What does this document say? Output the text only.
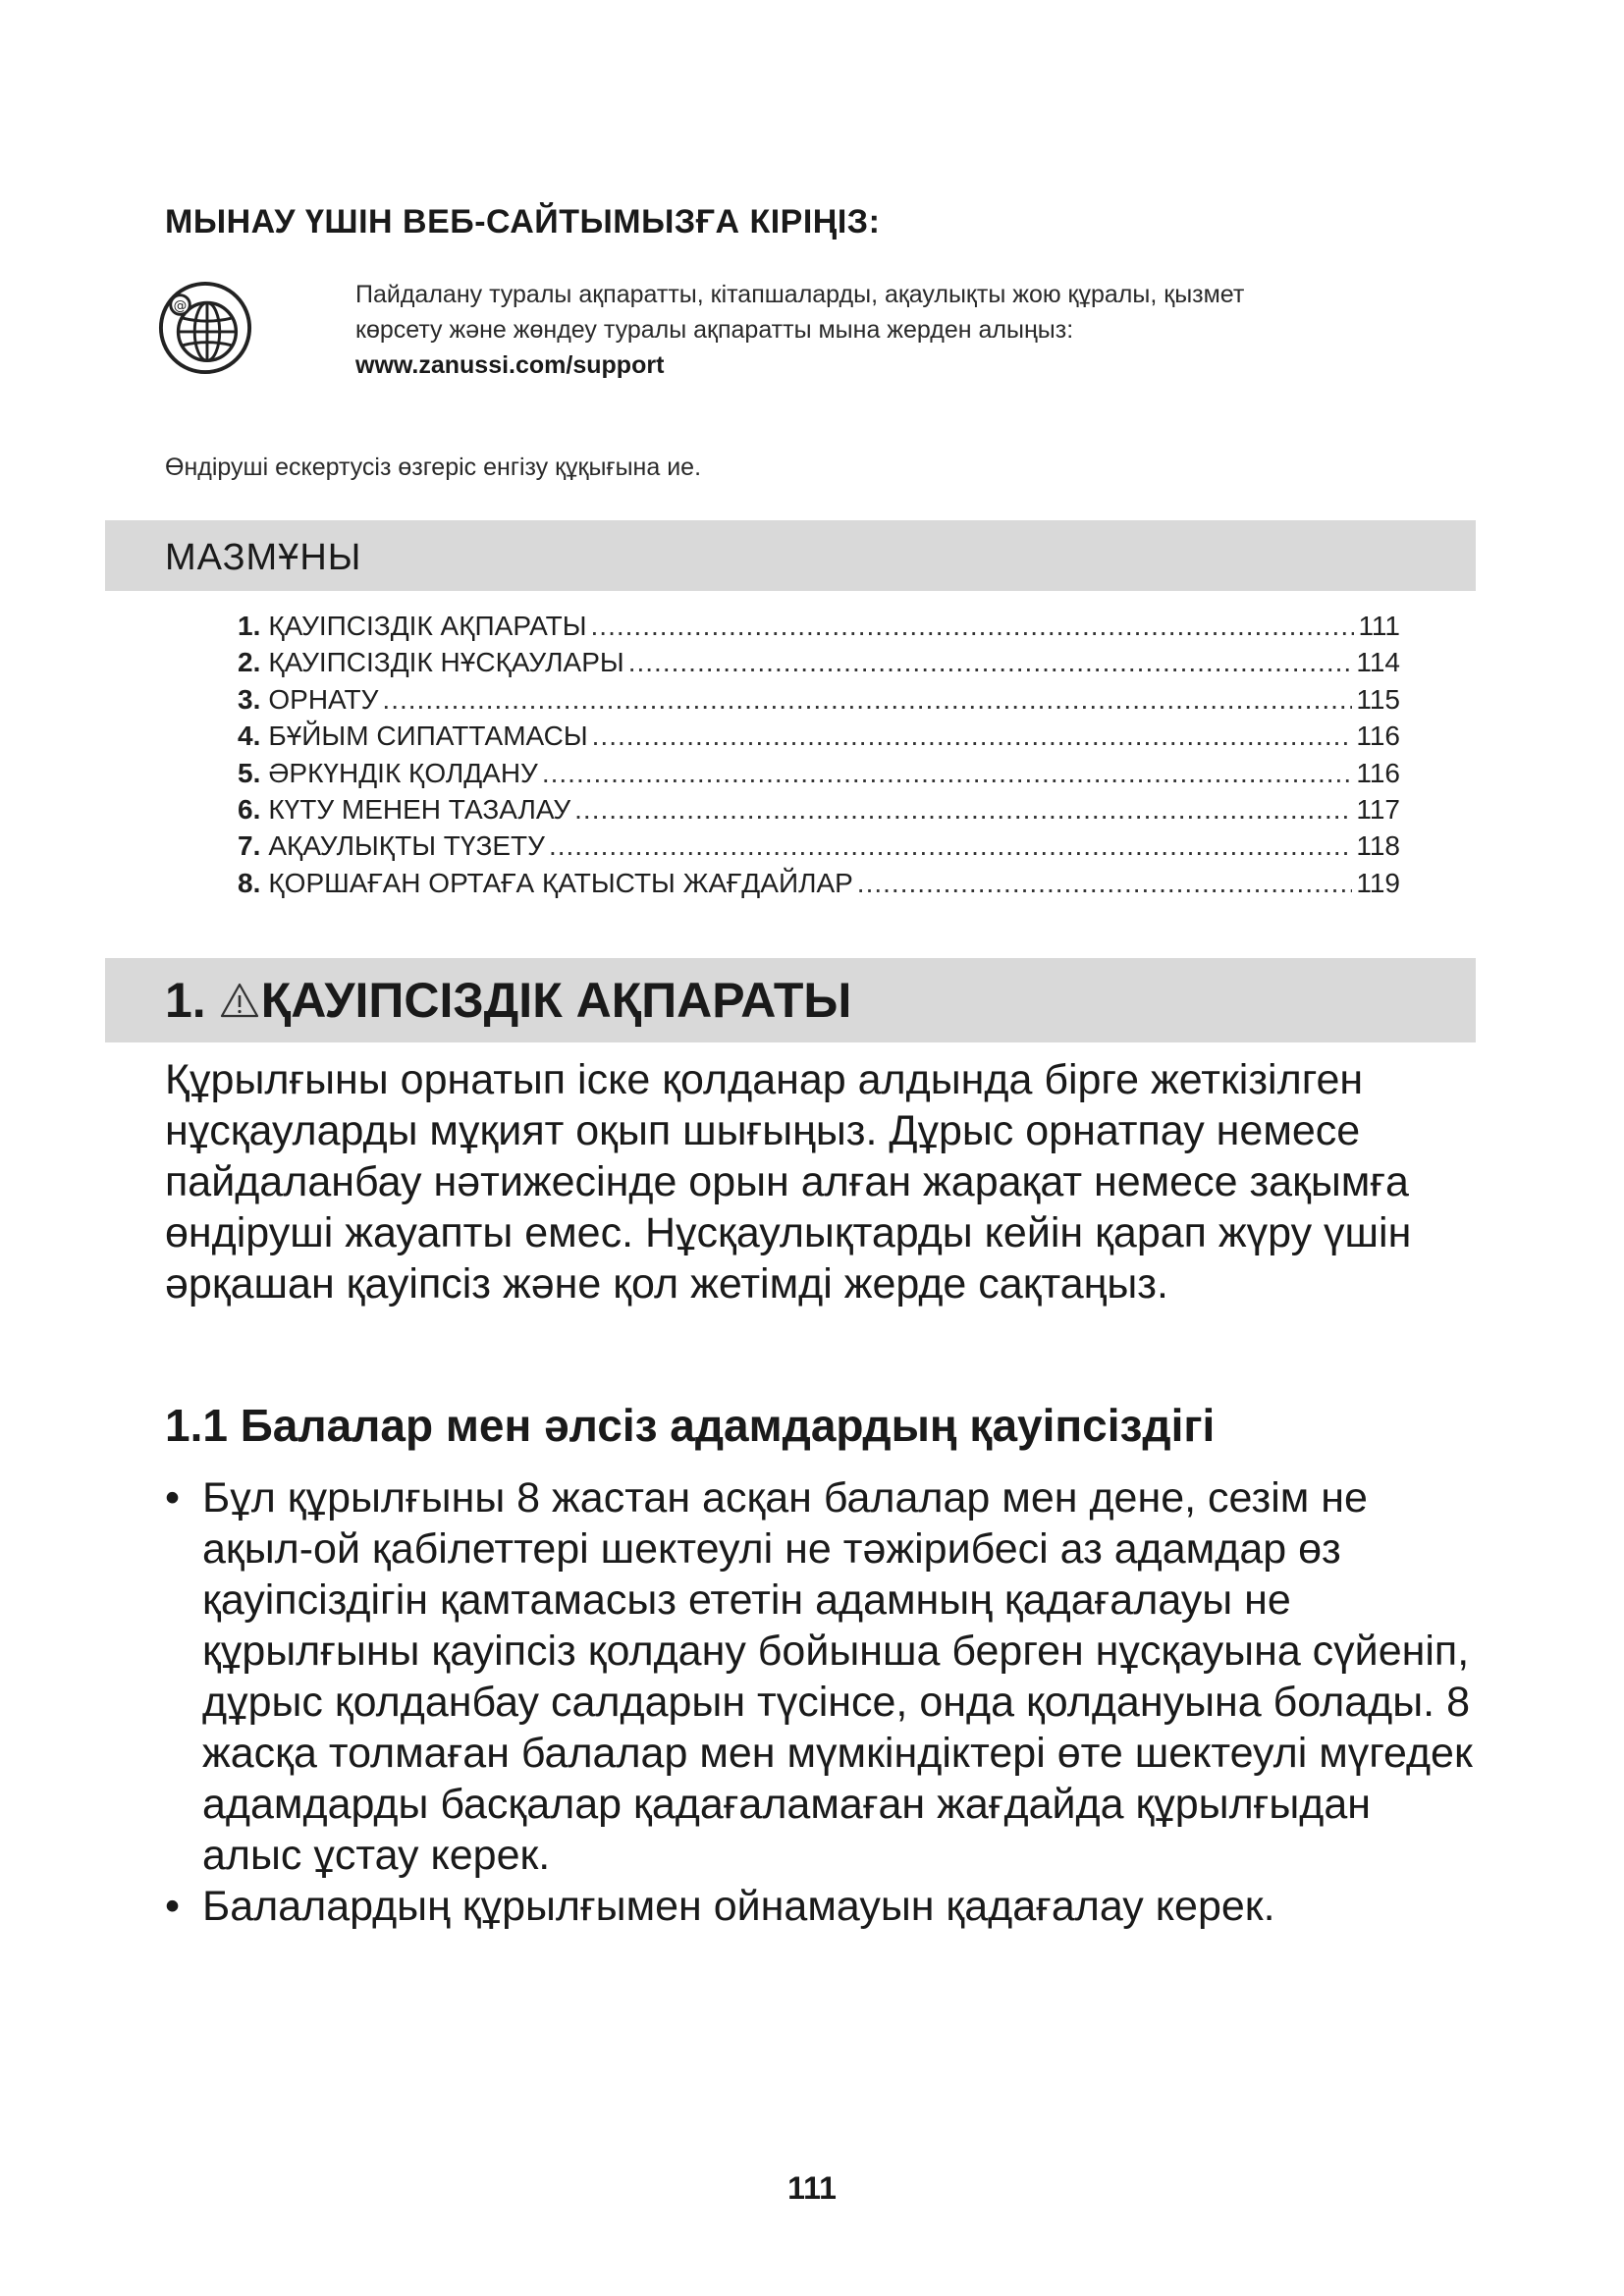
МЫНАУ ҮШІН ВЕБ-САЙТЫМЫЗҒА КІРІҢІЗ:
@	Пайдалану туралы ақпаратты, кітапшаларды, ақаулықты жою құралы, қызмет
көрсету және жөндеу туралы ақпаратты мына жерден алыңыз:
www.zanussi.com/support
Өндіруші ескертусіз өзгеріс енгізу құқығына ие.
МАЗМҰНЫ
1. ҚАУІПСІЗДІК АҚПАРАТЫ .....	111
2. ҚАУІПСІЗДІК НҰСҚАУЛАРЫ .....	114
3. ОРНАТУ .....	115
4. БҰЙЫМ СИПАТТАМАСЫ .....	116
5. ӘРКҮНДІК ҚОЛДАНУ .....	116
6. КҮТУ МЕНЕН ТАЗАЛАУ .....	117
7. АҚАУЛЫҚТЫ ТҮЗЕТУ .....	118
8. ҚОРШАҒАН ОРТАҒА ҚАТЫСТЫ ЖАҒДАЙЛАР .....	119
1. ҚАУІПСІЗДІК АҚПАРАТЫ
Құрылғыны орнатып іске қолданар алдында бірге жеткізілген нұсқауларды мұқият оқып шығыңыз. Дұрыс орнатпау немесе пайдаланбау нәтижесінде орын алған жарақат немесе зақымға өндіруші жауапты емес. Нұсқаулықтарды кейін қарап жүру үшін әрқашан қауіпсіз және қол жетімді жерде сақтаңыз.
1.1 Балалар мен әлсіз адамдардың қауіпсіздігі
• Бұл құрылғыны 8 жастан асқан балалар мен дене, сезім не ақыл-ой қабілеттері шектеулі не тәжірибесі аз адамдар өз қауіпсіздігін қамтамасыз ететін адамның қадағалауы не құрылғыны қауіпсіз қолдану бойынша берген нұсқауына сүйеніп, дұрыс қолданбау салдарын түсінсе, онда қолдануына болады. 8 жасқа толмаған балалар мен мүмкіндіктері өте шектеулі мүгедек адамдарды басқалар қадағаламаған жағдайда құрылғыдан алыс ұстау керек.
• Балалардың құрылғымен ойнамауын қадағалау керек.
111
